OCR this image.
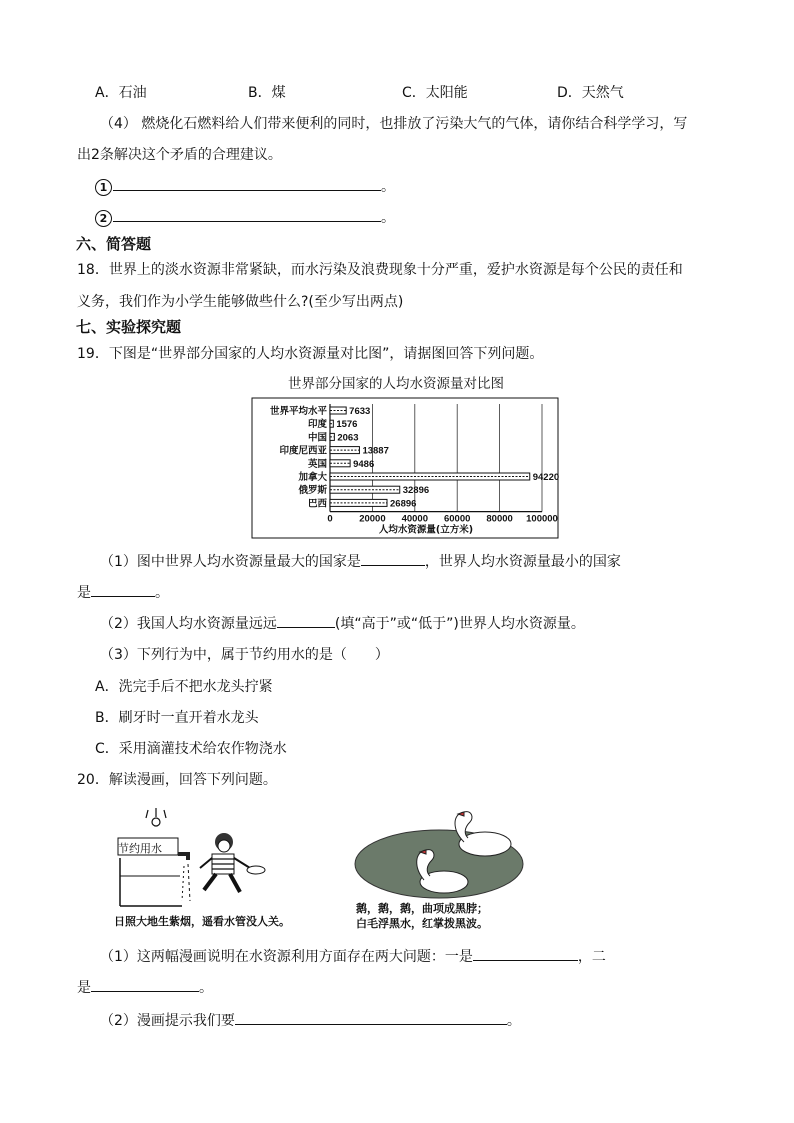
A．石油	B．煤	C．太阳能	D．天然气
（4） 燃烧化石燃料给人们带来便利的同时，也排放了污染大气的气体，请你结合科学学习，写
出2条解决这个矛盾的合理建议。
1	。
2	。
六、简答题
18．世界上的淡水资源非常紧缺，而水污染及浪费现象十分严重，爱护水资源是每个公民的责任和
义务，我们作为小学生能够做些什么?(至少写出两点)
七、实验探究题
19．下图是“世界部分国家的人均水资源量对比图”，请据图回答下列问题。
世界部分国家的人均水资源量对比图
0	20000 40000 60000 80000 100000
世界平均水平 7633
印度 1576
中国 2063
印度尼西亚	13887
英国	9486
加拿大	94220
俄罗斯	32896
巴西	26896
人均水资源量(立方米)
（1）图中世界人均水资源量最大的国家是	，世界人均水资源量最小的国家
是	。
（2）我国人均水资源量远远	(填“高于”或“低于”)世界人均水资源量。
（3）下列行为中，属于节约用水的是（　　）
A．洗完手后不把水龙头拧紧
B．刷牙时一直开着水龙头
C．采用滴灌技术给农作物浇水
20．解读漫画，回答下列问题。
节约用水
日照大地生紫烟，遥看水管没人关。
鹅，鹅，鹅，曲项成黑脖；
白毛浮黑水，红掌拨黑波。
（1）这两幅漫画说明在水资源利用方面存在两大问题：一是	，二
是	。
（2）漫画提示我们要	。
